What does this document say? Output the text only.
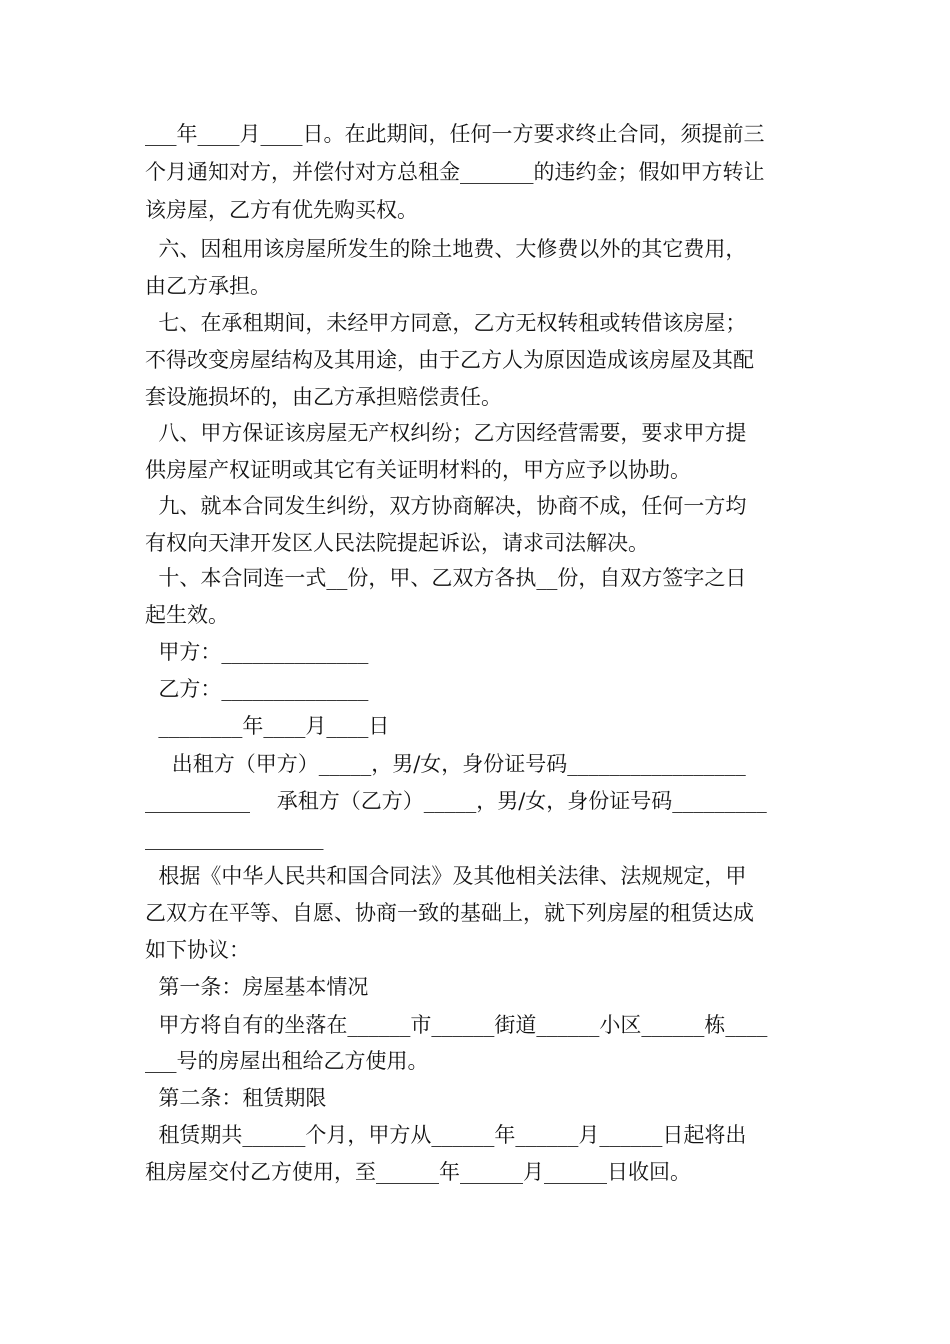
___年____月____日。在此期间，任何一方要求终止合同，须提前三
个月通知对方，并偿付对方总租金_______的违约金；假如甲方转让
该房屋，乙方有优先购买权。
六、因租用该房屋所发生的除土地费、大修费以外的其它费用，
由乙方承担。
七、在承租期间，未经甲方同意，乙方无权转租或转借该房屋；
不得改变房屋结构及其用途，由于乙方人为原因造成该房屋及其配
套设施损坏的，由乙方承担赔偿责任。
八、甲方保证该房屋无产权纠纷；乙方因经营需要，要求甲方提
供房屋产权证明或其它有关证明材料的，甲方应予以协助。
九、就本合同发生纠纷，双方协商解决，协商不成，任何一方均
有权向天津开发区人民法院提起诉讼，请求司法解决。
十、本合同连一式__份，甲、乙双方各执__份，自双方签字之日
起生效。
甲方：______________
乙方：______________
________年____月____日
出租方（甲方）_____，男/女，身份证号码_________________
__________    承租方（乙方）_____，男/女，身份证号码_________
_________________
根据《中华人民共和国合同法》及其他相关法律、法规规定，甲
乙双方在平等、自愿、协商一致的基础上，就下列房屋的租赁达成
如下协议：
第一条：房屋基本情况
甲方将自有的坐落在______市______街道______小区______栋____
___号的房屋出租给乙方使用。
第二条：租赁期限
租赁期共______个月，甲方从______年______月______日起将出
租房屋交付乙方使用，至______年______月______日收回。
